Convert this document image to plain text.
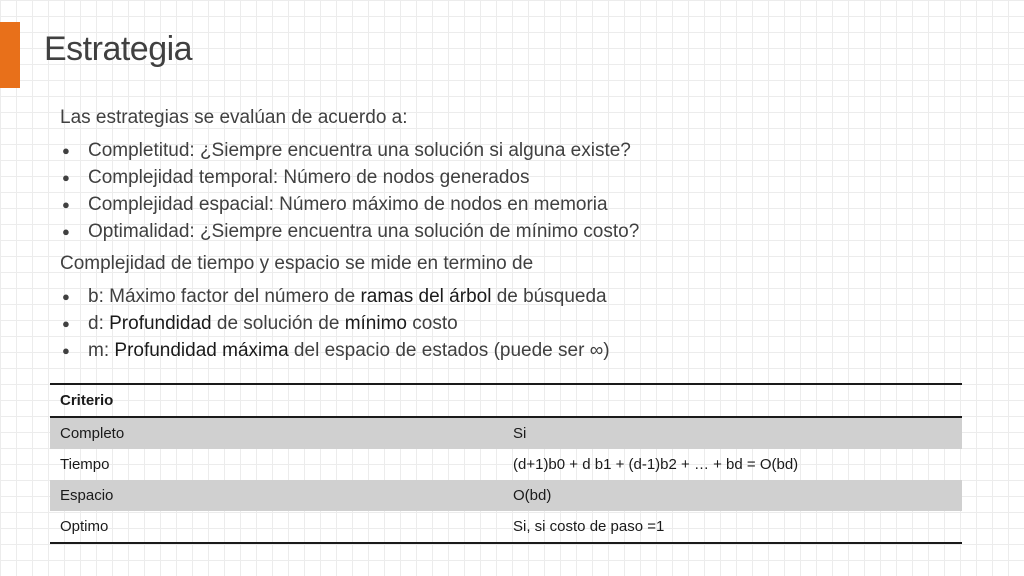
Estrategia

Las estrategias se evalúan de acuerdo a:

● Completitud: ¿Siempre encuentra una solución si alguna existe?
● Complejidad temporal: Número de nodos generados
● Complejidad espacial: Número máximo de nodos en memoria
● Optimalidad: ¿Siempre encuentra una solución de mínimo costo?

Complejidad de tiempo y espacio se mide en termino de

● b: Máximo factor del número de ramas del árbol de búsqueda
● d: Profundidad de solución de mínimo costo
● m: Profundidad máxima del espacio de estados (puede ser ∞)
Criterio	
Completo	Si
Tiempo	(d+1)b0 + d b1 + (d-1)b2 + … + bd = O(bd)
Espacio	O(bd)
Optimo	Si, si costo de paso =1
